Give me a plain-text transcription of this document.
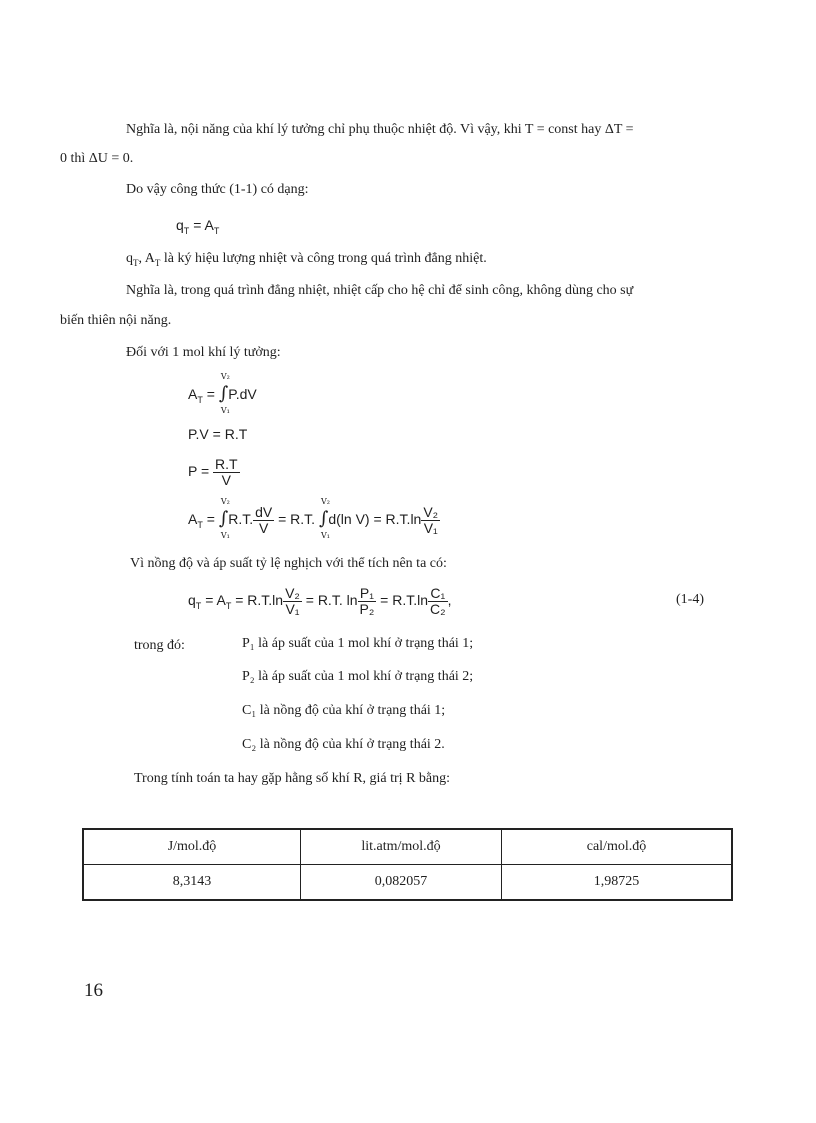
Nghĩa là, nội năng của khí lý tưởng chỉ phụ thuộc nhiệt độ. Vì vậy, khi T = const hay ΔT =
0 thì ΔU = 0.
Do vậy công thức (1-1) có dạng:
$q_T = A_T$
$q_T$, $A_T$ là ký hiệu lượng nhiệt và công trong quá trình đẳng nhiệt.
Nghĩa là, trong quá trình đẳng nhiệt, nhiệt cấp cho hệ chỉ để sinh công, không dùng cho sự
biến thiên nội năng.
Đối với 1 mol khí lý tưởng:
$A_T$ = ∫
V₂
V₁
P.dV
P.V = R.T
$P = \frac{R.T}{V}$
$A_T$ = ∫
V₂
V₁
R.T. $\frac{dV}{V} = R.T$. ∫
V₂
V₁
d(ln $V) = R.T.\ln \frac{\text{V₂}}{\text{V₁}}$
Vì nồng độ và áp suất tỷ lệ nghịch với thể tích nên ta có:
$q_T = A_T = R.T.\ln \frac{\text{V₂}}{\text{V₁}} = R.T$. $\ln \frac{\text{P₁}}{\text{P₂}} = R.T.\ln \frac{\text{C₁}}{\text{C₂}}$ ,	(1-4)
trong đó:	P₁ là áp suất của 1 mol khí ở trạng thái 1;
P₂ là áp suất của 1 mol khí ở trạng thái 2;
C₁ là nồng độ của khí ở trạng thái 1;
C₂ là nồng độ của khí ở trạng thái 2.
Trong tính toán ta hay gặp hằng số khí R, giá trị R bằng:
J/mol.độ	lit.atm/mol.độ	cal/mol.độ
8,3143	0,082057	1,98725
16
